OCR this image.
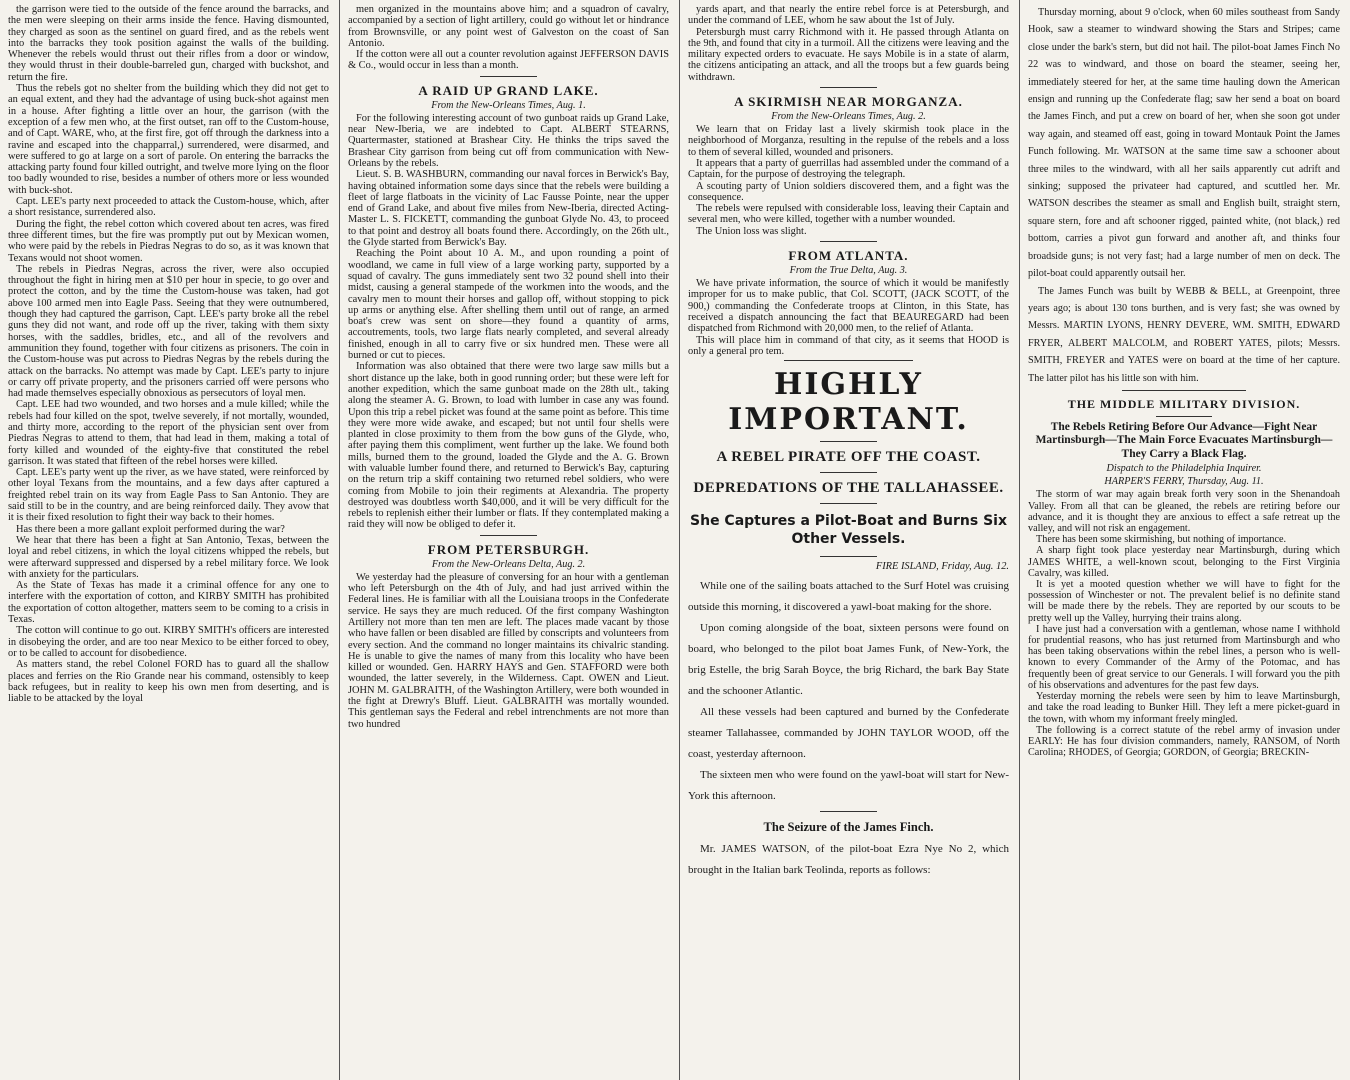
the garrison were tied to the outside of the fence around the barracks, and the men were sleeping on their arms inside the fence. Having dismounted, they charged as soon as the sentinel on guard fired, and as the rebels went into the barracks they took position against the walls of the building. Whenever the rebels would thrust out their rifles from a door or window, they would thrust in their double-barreled gun, charged with buckshot, and return the fire.

Thus the rebels got no shelter from the building which they did not get to an equal extent, and they had the advantage of using buck-shot against men in a house. After fighting a little over an hour, the garrison (with the exception of a few men who, at the first outset, ran off to the Custom-house, and of Capt. WARE, who, at the first fire, got off through the darkness into a ravine and escaped into the chapparral,) surrendered, were disarmed, and were suffered to go at large on a sort of parole. On entering the barracks the attacking party found four killed outright, and twelve more lying on the floor too badly wounded to rise, besides a number of others more or less wounded with buck-shot.

Capt. LEE's party next proceeded to attack the Custom-house, which, after a short resistance, surrendered also.

During the fight, the rebel cotton which covered about ten acres, was fired three different times, but the fire was promptly put out by Mexican women, who were paid by the rebels in Piedras Negras to do so, as it was known that Texans would not shoot women.

The rebels in Piedras Negras, across the river, were also occupied throughout the fight in hiring men at $10 per hour in specie, to go over and protect the cotton, and by the time the Custom-house was taken, had got above 100 armed men into Eagle Pass. Seeing that they were outnumbered, though they had captured the garrison, Capt. LEE's party broke all the rebel guns they did not want, and rode off up the river, taking with them sixty horses, with the saddles, bridles, etc., and all of the revolvers and ammunition they found, together with four citizens as prisoners. The coin in the Custom-house was put across to Piedras Negras by the rebels during the attack on the barracks. No attempt was made by Capt. LEE's party to injure or carry off private property, and the prisoners carried off were persons who had made themselves especially obnoxious as persecutors of loyal men.

Capt. LEE had two wounded, and two horses and a mule killed; while the rebels had four killed on the spot, twelve severely, if not mortally, wounded, and thirty more, according to the report of the physician sent over from Piedras Negras to attend to them, that had lead in them, making a total of forty killed and wounded of the eighty-five that constituted the rebel garrison. It was stated that fifteen of the rebel horses were killed.

Capt. LEE's party went up the river, as we have stated, were reinforced by other loyal Texans from the mountains, and a few days after captured a freighted rebel train on its way from Eagle Pass to San Antonio. They are said still to be in the country, and are being reinforced daily. They avow that it is their fixed resolution to fight their way back to their homes.

Has there been a more gallant exploit performed during the war?

We hear that there has been a fight at San Antonio, Texas, between the loyal and rebel citizens, in which the loyal citizens whipped the rebels, but were afterward suppressed and dispersed by a rebel military force. We look with anxiety for the particulars.

As the State of Texas has made it a criminal offence for any one to interfere with the exportation of cotton, and KIRBY SMITH has prohibited the exportation of cotton altogether, matters seem to be coming to a crisis in Texas.

The cotton will continue to go out. KIRBY SMITH's officers are interested in disobeying the order, and are too near Mexico to be either forced to obey, or to be called to account for disobedience.

As matters stand, the rebel Colonel FORD has to guard all the shallow places and ferries on the Rio Grande near his command, ostensibly to keep back refugees, but in reality to keep his own men from deserting, and is liable to be attacked by the loyal

men organized in the mountains above him; and a squadron of cavalry, accompanied by a section of light artillery, could go without let or hindrance from Brownsville, or any point west of Galveston on the coast of San Antonio.

If the cotton were all out a counter revolution against JEFFERSON DAVIS & Co., would occur in less than a month.

A RAID UP GRAND LAKE.
From the New-Orleans Times, Aug. 1.

For the following interesting account of two gunboat raids up Grand Lake, near New-Iberia, we are indebted to Capt. ALBERT STEARNS, Quartermaster, stationed at Brashear City. He thinks the trips saved the Brashear City garrison from being cut off from communication with New-Orleans by the rebels.

Lieut. S. B. WASHBURN, commanding our naval forces in Berwick's Bay, having obtained information some days since that the rebels were building a fleet of large flatboats in the vicinity of Lac Fausse Pointe, near the upper end of Grand Lake, and about five miles from New-Iberia, directed Acting-Master L. S. FICKETT, commanding the gunboat Glyde No. 43, to proceed to that point and destroy all boats found there. Accordingly, on the 26th ult., the Glyde started from Berwick's Bay.

Reaching the Point about 10 A. M., and upon rounding a point of woodland, we came in full view of a large working party, supported by a squad of cavalry. The guns immediately sent two 32 pound shell into their midst, causing a general stampede of the workmen into the woods, and the cavalry men to mount their horses and gallop off, without stopping to pick up arms or anything else. After shelling them until out of range, an armed boat's crew was sent on shore—they found a quantity of arms, accoutrements, tools, two large flats nearly completed, and several already finished, enough in all to carry five or six hundred men. These were all burned or cut to pieces.

Information was also obtained that there were two large saw mills but a short distance up the lake, both in good running order; but these were left for another expedition, which the same gunboat made on the 28th ult., taking along the steamer A. G. Brown, to load with lumber in case any was found. Upon this trip a rebel picket was found at the same point as before. This time they were more wide awake, and escaped; but not until four shells were planted in close proximity to them from the bow guns of the Glyde, who, after paying them this compliment, went further up the lake. We found both mills, burned them to the ground, loaded the Glyde and the A. G. Brown with valuable lumber found there, and returned to Berwick's Bay, capturing on the return trip a skiff containing two returned rebel soldiers, who were coming from Mobile to join their regiments at Alexandria. The property destroyed was doubtless worth $40,000, and it will be very difficult for the rebels to replenish either their lumber or flats. If they contemplated making a raid they will now be obliged to defer it.

FROM PETERSBURGH.
From the New-Orleans Delta, Aug. 2.

We yesterday had the pleasure of conversing for an hour with a gentleman who left Petersburgh on the 4th of July, and had just arrived within the Federal lines. He is familiar with all the Louisiana troops in the Confederate service. He says they are much reduced. Of the first company Washington Artillery not more than ten men are left. The places made vacant by those who have fallen or been disabled are filled by conscripts and volunteers from every section. And the command no longer maintains its chivalric standing. He is unable to give the names of many from this locality who have been killed or wounded. Gen. HARRY HAYS and Gen. STAFFORD were both wounded, the latter severely, in the Wilderness. Capt. OWEN and Lieut. JOHN M. GALBRAITH, of the Washington Artillery, were both wounded in the fight at Drewry's Bluff. Lieut. GALBRAITH was mortally wounded. This gentleman says the Federal and rebel intrenchments are not more than two hundred

yards apart, and that nearly the entire rebel force is at Petersburgh, and under the command of LEE, whom he saw about the 1st of July.

Petersburgh must carry Richmond with it. He passed through Atlanta on the 9th, and found that city in a turmoil. All the citizens were leaving and the military expected orders to evacuate. He says Mobile is in a state of alarm, the citizens anticipating an attack, and all the troops but a few guards being withdrawn.

A SKIRMISH NEAR MORGANZA.
From the New-Orleans Times, Aug. 2.

We learn that on Friday last a lively skirmish took place in the neighborhood of Morganza, resulting in the repulse of the rebels and a loss to them of several killed, wounded and prisoners.

It appears that a party of guerrillas had assembled under the command of a Captain, for the purpose of destroying the telegraph.

A scouting party of Union soldiers discovered them, and a fight was the consequence.

The rebels were repulsed with considerable loss, leaving their Captain and several men, who were killed, together with a number wounded.

The Union loss was slight.

FROM ATLANTA.
From the True Delta, Aug. 3.

We have private information, the source of which it would be manifestly improper for us to make public, that Col. SCOTT, (JACK SCOTT, of the 900,) commanding the Confederate troops at Clinton, in this State, has received a dispatch announcing the fact that BEAUREGARD had been dispatched from Richmond with 20,000 men, to the relief of Atlanta.

This will place him in command of that city, as it seems that HOOD is only a general pro tem.

HIGHLY IMPORTANT.
A REBEL PIRATE OFF THE COAST.
DEPREDATIONS OF THE TALLAHASSEE.
She Captures a Pilot-Boat and Burns Six Other Vessels.
FIRE ISLAND, Friday, Aug. 12.

While one of the sailing boats attached to the Surf Hotel was cruising outside this morning, it discovered a yawl-boat making for the shore.

Upon coming alongside of the boat, sixteen persons were found on board, who belonged to the pilot boat James Funk, of New-York, the brig Estelle, the brig Sarah Boyce, the brig Richard, the bark Bay State and the schooner Atlantic.

All these vessels had been captured and burned by the Confederate steamer Tallahassee, commanded by JOHN TAYLOR WOOD, off the coast, yesterday afternoon.

The sixteen men who were found on the yawl-boat will start for New-York this afternoon.

The Seizure of the James Finch.

Mr. JAMES WATSON, of the pilot-boat Ezra Nye No 2, which brought in the Italian bark Teolinda, reports as follows:

Thursday morning, about 9 o'clock, when 60 miles southeast from Sandy Hook, saw a steamer to windward showing the Stars and Stripes; came close under the bark's stern, but did not hail. The pilot-boat James Finch No 22 was to windward, and those on board the steamer, seeing her, immediately steered for her, at the same time hauling down the American ensign and running up the Confederate flag; saw her send a boat on board the James Finch, and put a crew on board of her, when she soon got under way again, and steamed off east, going in toward Montauk Point the James Funch following. Mr. WATSON at the same time saw a schooner about three miles to the windward, with all her sails apparently cut adrift and sinking; supposed the privateer had captured, and scuttled her. Mr. WATSON describes the steamer as small and English built, straight stern, square stern, fore and aft schooner rigged, painted white, (not black,) red bottom, carries a pivot gun forward and another aft, and thinks four broadside guns; is not very fast; had a large number of men on deck. The pilot-boat could apparently outsail her.

The James Funch was built by WEBB & BELL, at Greenpoint, three years ago; is about 130 tons burthen, and is very fast; she was owned by Messrs. MARTIN LYONS, HENRY DEVERE, WM. SMITH, EDWARD FRYER, ALBERT MALCOLM, and ROBERT YATES, pilots; Messrs. SMITH, FREYER and YATES were on board at the time of her capture. The latter pilot has his little son with him.

THE MIDDLE MILITARY DIVISION.
The Rebels Retiring Before Our Advance—Fight Near Martinsburgh—The Main Force Evacuates Martinsburgh—They Carry a Black Flag.
Dispatch to the Philadelphia Inquirer.
HARPER'S FERRY, Thursday, Aug. 11.

The storm of war may again break forth very soon in the Shenandoah Valley. From all that can be gleaned, the rebels are retiring before our advance, and it is thought they are anxious to effect a safe retreat up the valley, and will not risk an engagement.

There has been some skirmishing, but nothing of importance.

A sharp fight took place yesterday near Martinsburgh, during which JAMES WHITE, a well-known scout, belonging to the First Virginia Cavalry, was killed.

It is yet a mooted question whether we will have to fight for the possession of Winchester or not. The prevalent belief is no definite stand will be made there by the rebels. They are reported by our scouts to be pretty well up the Valley, hurrying their trains along.

I have just had a conversation with a gentleman, whose name I withhold for prudential reasons, who has just returned from Martinsburgh and who has been taking observations within the rebel lines, a person who is well-known to every Commander of the Army of the Potomac, and has frequently been of great service to our Generals. I will forward you the pith of his observations and adventures for the past few days.

Yesterday morning the rebels were seen by him to leave Martinsburgh, and take the road leading to Bunker Hill. They left a mere picket-guard in the town, with whom my informant freely mingled.

The following is a correct statute of the rebel army of invasion under EARLY: He has four division commanders, namely, RANSOM, of North Carolina; RHODES, of Georgia; GORDON, of Georgia; BRECKIN-
